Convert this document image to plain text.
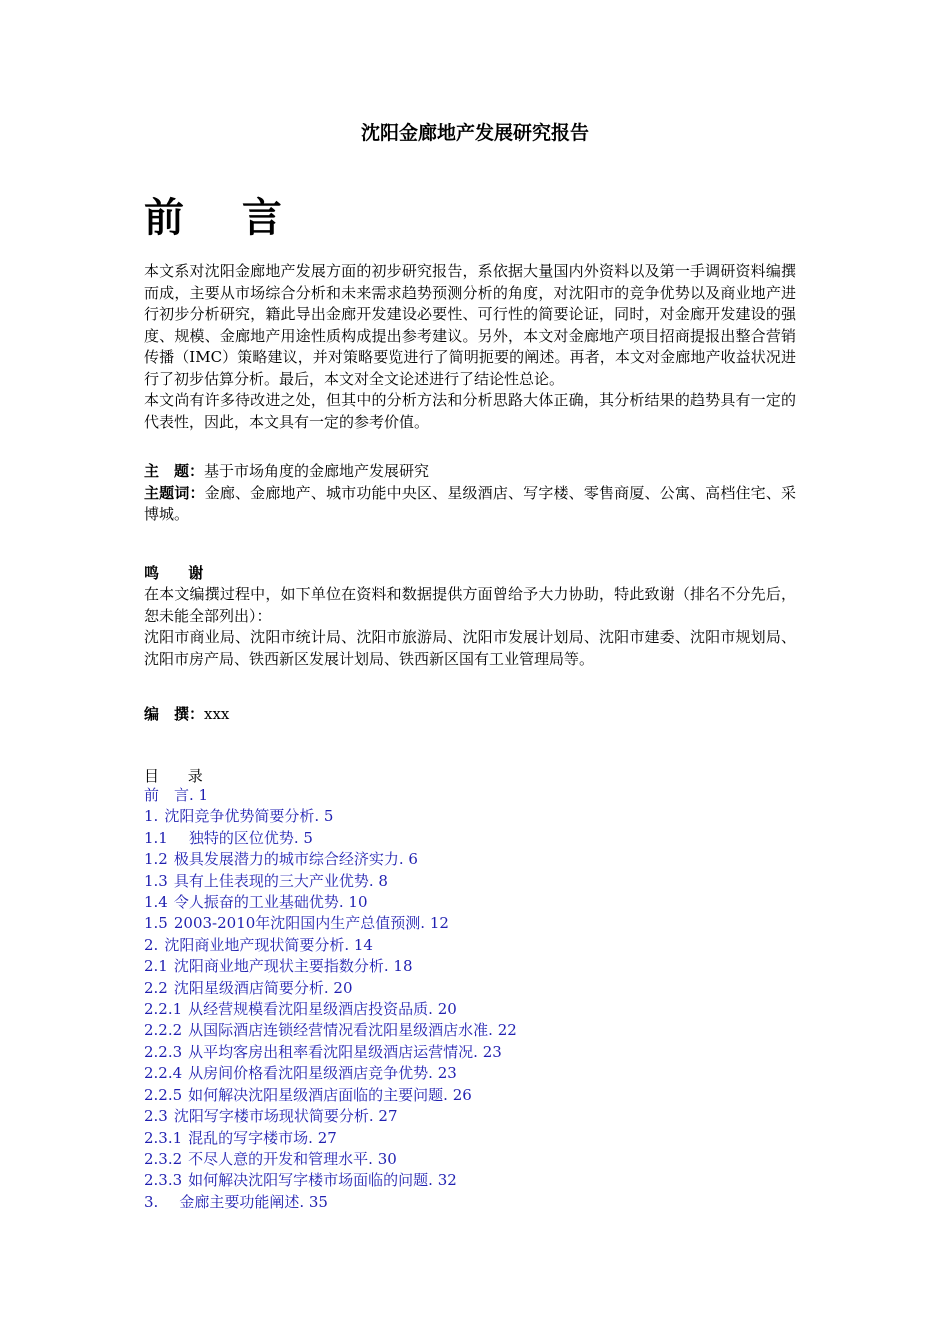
沈阳金廊地产发展研究报告
前 言
本文系对沈阳金廊地产发展方面的初步研究报告，系依据大量国内外资料以及第一手调研资料编撰而成，主要从市场综合分析和未来需求趋势预测分析的角度，对沈阳市的竞争优势以及商业地产进行初步分析研究，籍此导出金廊开发建设必要性、可行性的简要论证，同时，对金廊开发建设的强度、规模、金廊地产用途性质构成提出参考建议。另外，本文对金廊地产项目招商提报出整合营销传播（IMC）策略建议，并对策略要览进行了简明扼要的阐述。再者，本文对金廊地产收益状况进行了初步估算分析。最后，本文对全文论述进行了结论性总论。
本文尚有许多待改进之处，但其中的分析方法和分析思路大体正确，其分析结果的趋势具有一定的代表性，因此，本文具有一定的参考价值。
主　题：基于市场角度的金廊地产发展研究
主题词：金廊、金廊地产、城市功能中央区、星级酒店、写字楼、零售商厦、公寓、高档住宅、采博城。
鸣 谢
在本文编撰过程中，如下单位在资料和数据提供方面曾给予大力协助，特此致谢（排名不分先后，恕未能全部列出）：
沈阳市商业局、沈阳市统计局、沈阳市旅游局、沈阳市发展计划局、沈阳市建委、沈阳市规划局、沈阳市房产局、铁西新区发展计划局、铁西新区国有工业管理局等。
编　撰：xxx
目 录
前　言. 1
1. 沈阳竞争优势简要分析. 5
1.1　独特的区位优势. 5
1.2 极具发展潜力的城市综合经济实力. 6
1.3 具有上佳表现的三大产业优势. 8
1.4 令人振奋的工业基础优势. 10
1.5 2003-2010年沈阳国内生产总值预测. 12
2. 沈阳商业地产现状简要分析. 14
2.1 沈阳商业地产现状主要指数分析. 18
2.2 沈阳星级酒店简要分析. 20
2.2.1 从经营规模看沈阳星级酒店投资品质. 20
2.2.2 从国际酒店连锁经营情况看沈阳星级酒店水准. 22
2.2.3 从平均客房出租率看沈阳星级酒店运营情况. 23
2.2.4 从房间价格看沈阳星级酒店竞争优势. 23
2.2.5 如何解决沈阳星级酒店面临的主要问题. 26
2.3 沈阳写字楼市场现状简要分析. 27
2.3.1 混乱的写字楼市场. 27
2.3.2 不尽人意的开发和管理水平. 30
2.3.3 如何解决沈阳写字楼市场面临的问题. 32
3.　金廊主要功能阐述. 35
